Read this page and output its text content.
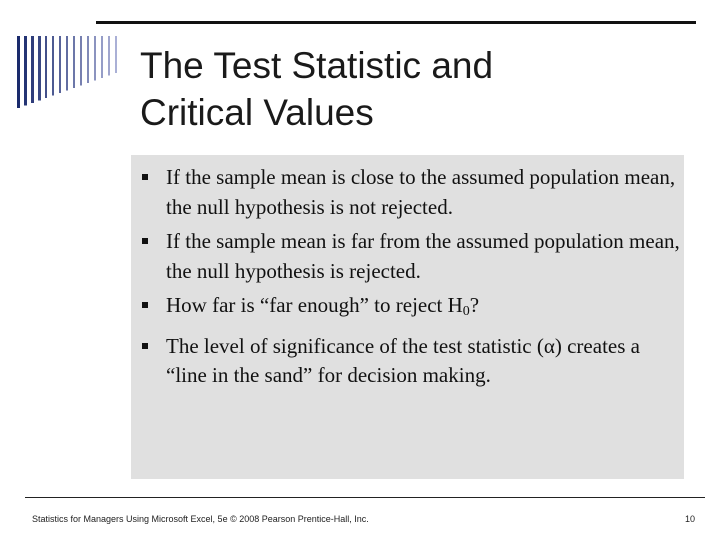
The Test Statistic and
Critical Values
If the sample mean is close to the assumed population mean, the null hypothesis is not rejected.
If the sample mean is far from the assumed population mean, the null hypothesis is rejected.
How far is “far enough” to reject $H_0$?
The level of significance of the test statistic (α) creates a “line in the sand” for decision making.
Statistics for Managers Using Microsoft Excel, 5e © 2008 Pearson Prentice-Hall, Inc.	10
